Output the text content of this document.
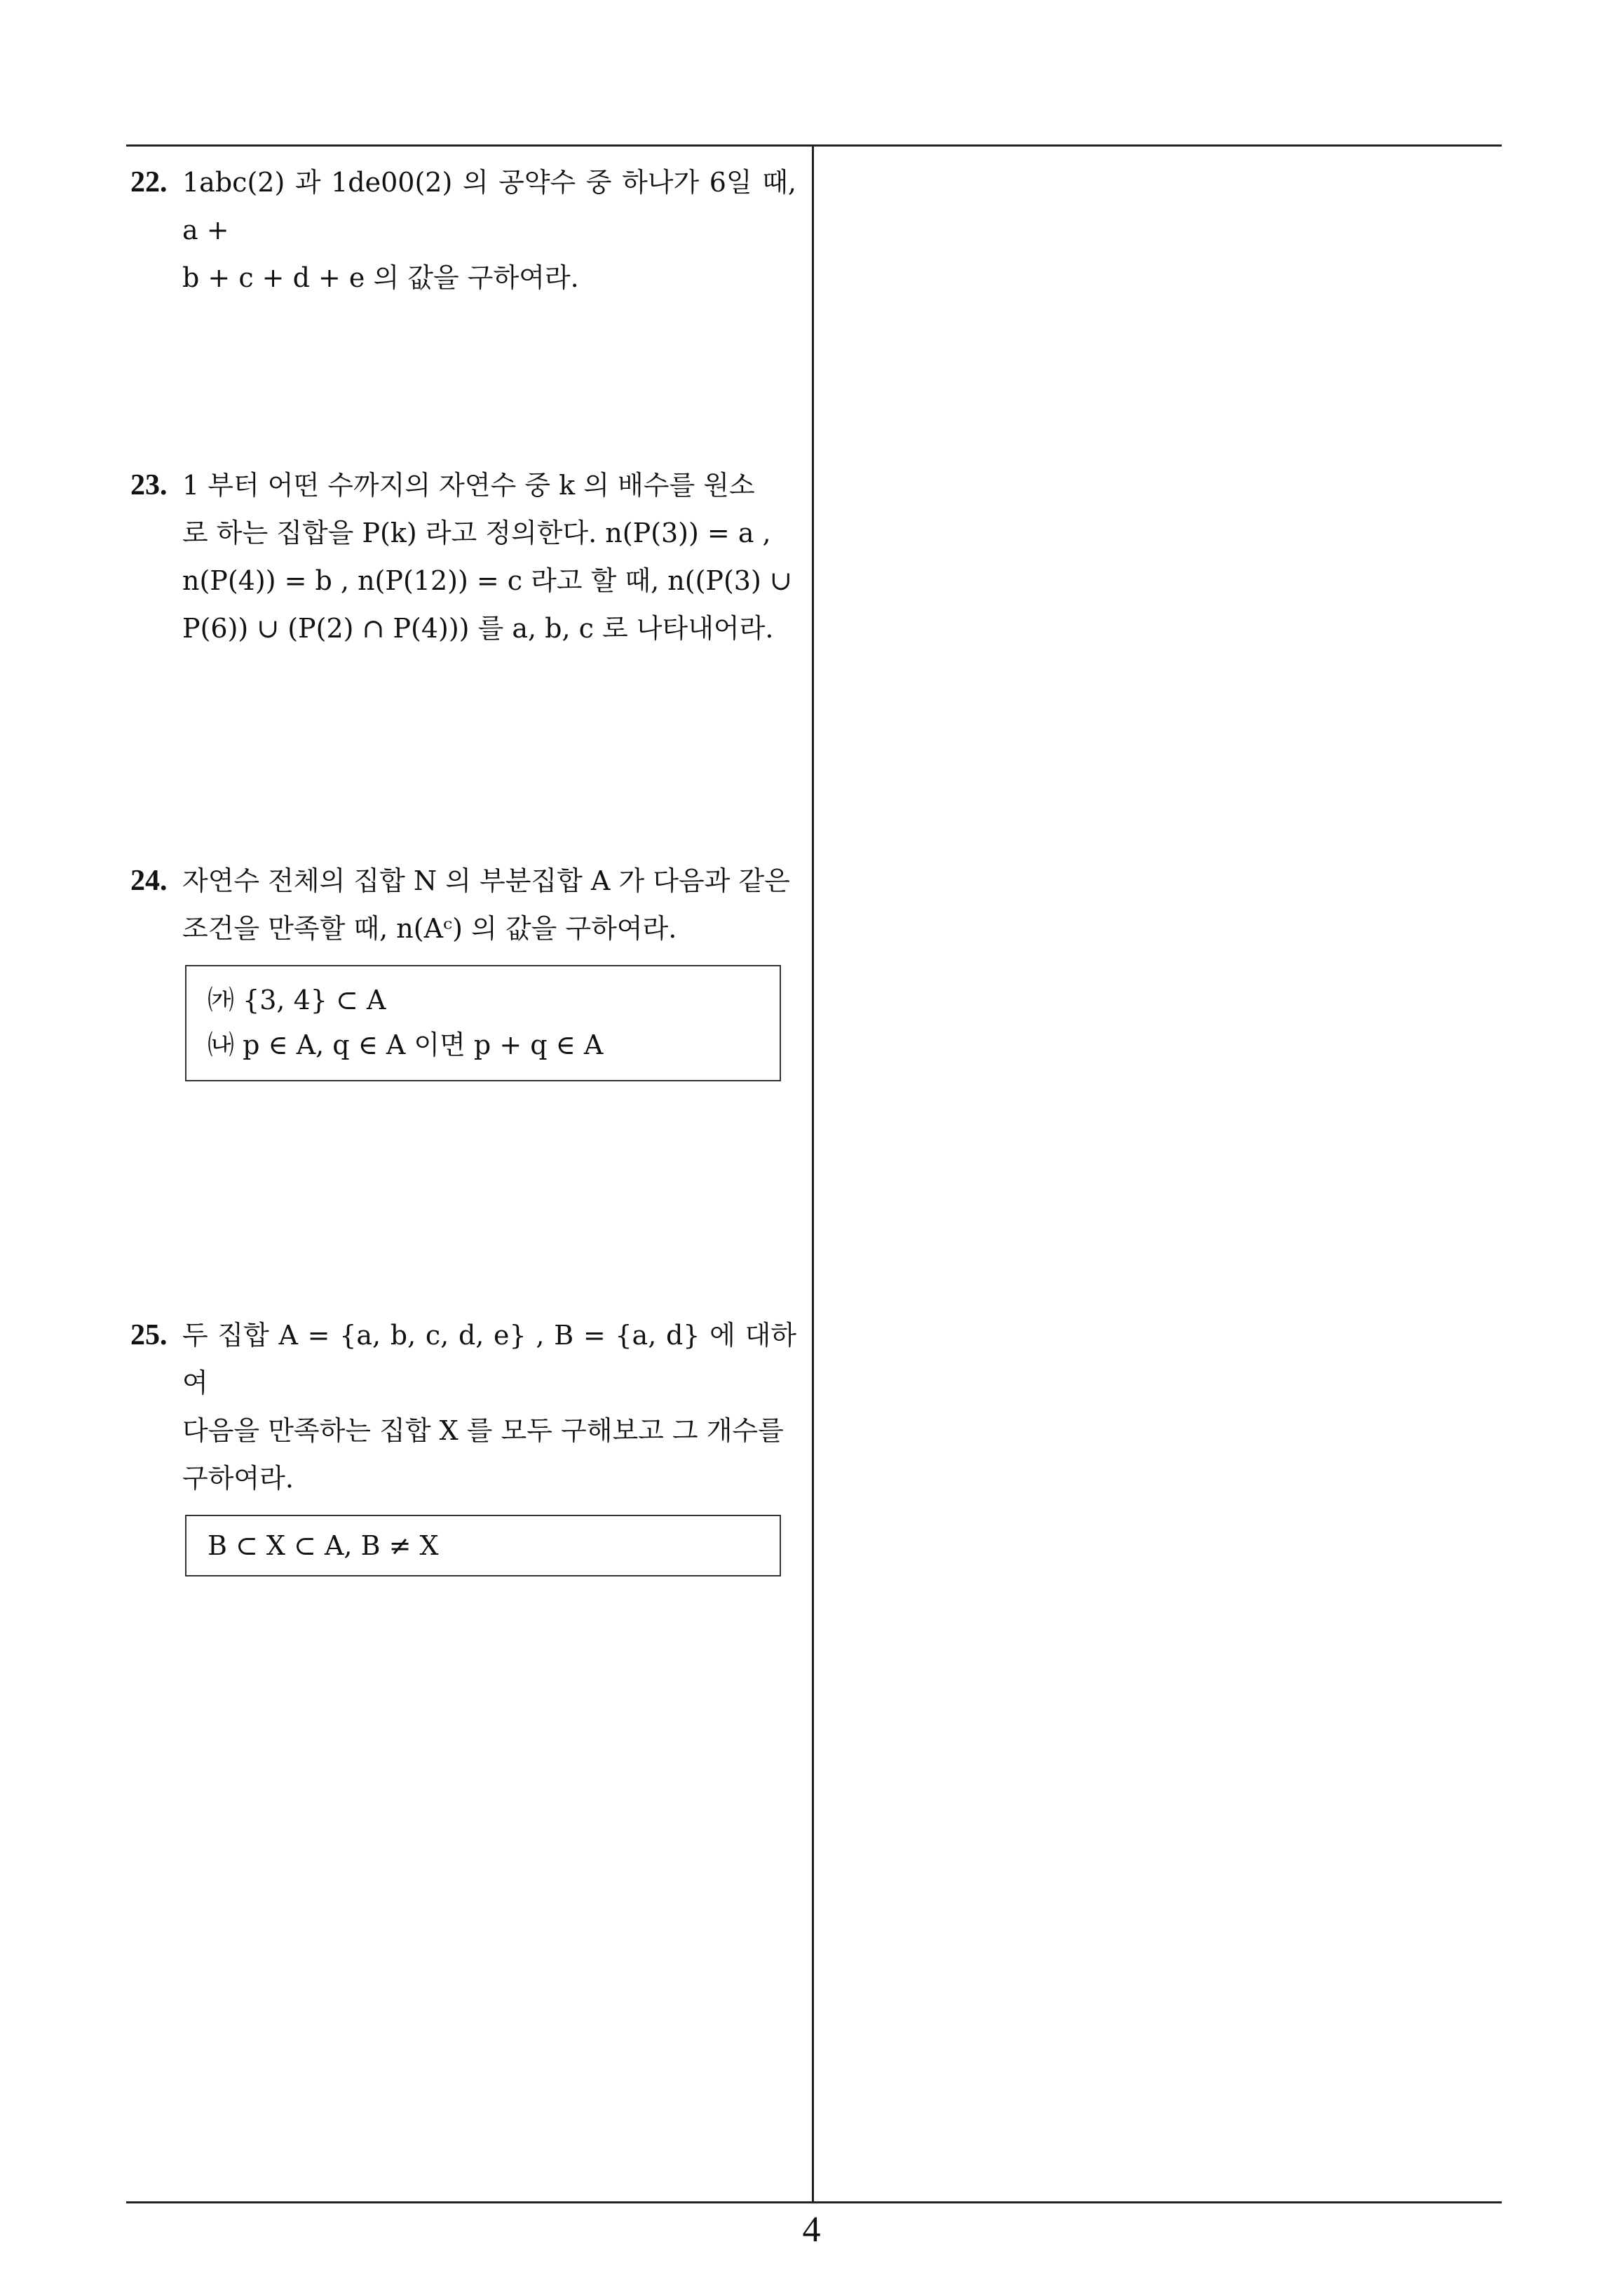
22. 1abc(2) 과 1de00(2) 의 공약수 중 하나가 6일 때, a +
b + c + d + e 의 값을 구하여라.
23. 1 부터 어떤 수까지의 자연수 중 k 의 배수를 원소
로 하는 집합을 P(k) 라고 정의한다. n(P(3)) = a ,
n(P(4)) = b , n(P(12)) = c 라고 할 때, n((P(3) ∪
P(6)) ∪ (P(2) ∩ P(4))) 를 a, b, c 로 나타내어라.
24. 자연수 전체의 집합 N 의 부분집합 A 가 다음과 같은
조건을 만족할 때, n(Aᶜ) 의 값을 구하여라.
㈎ {3, 4} ⊂ A
㈏ p ∈ A, q ∈ A 이면 p + q ∈ A
25. 두 집합 A = {a, b, c, d, e} , B = {a, d} 에 대하여
다음을 만족하는 집합 X 를 모두 구해보고 그 개수를
구하여라.
B ⊂ X ⊂ A, B ≠ X
4
